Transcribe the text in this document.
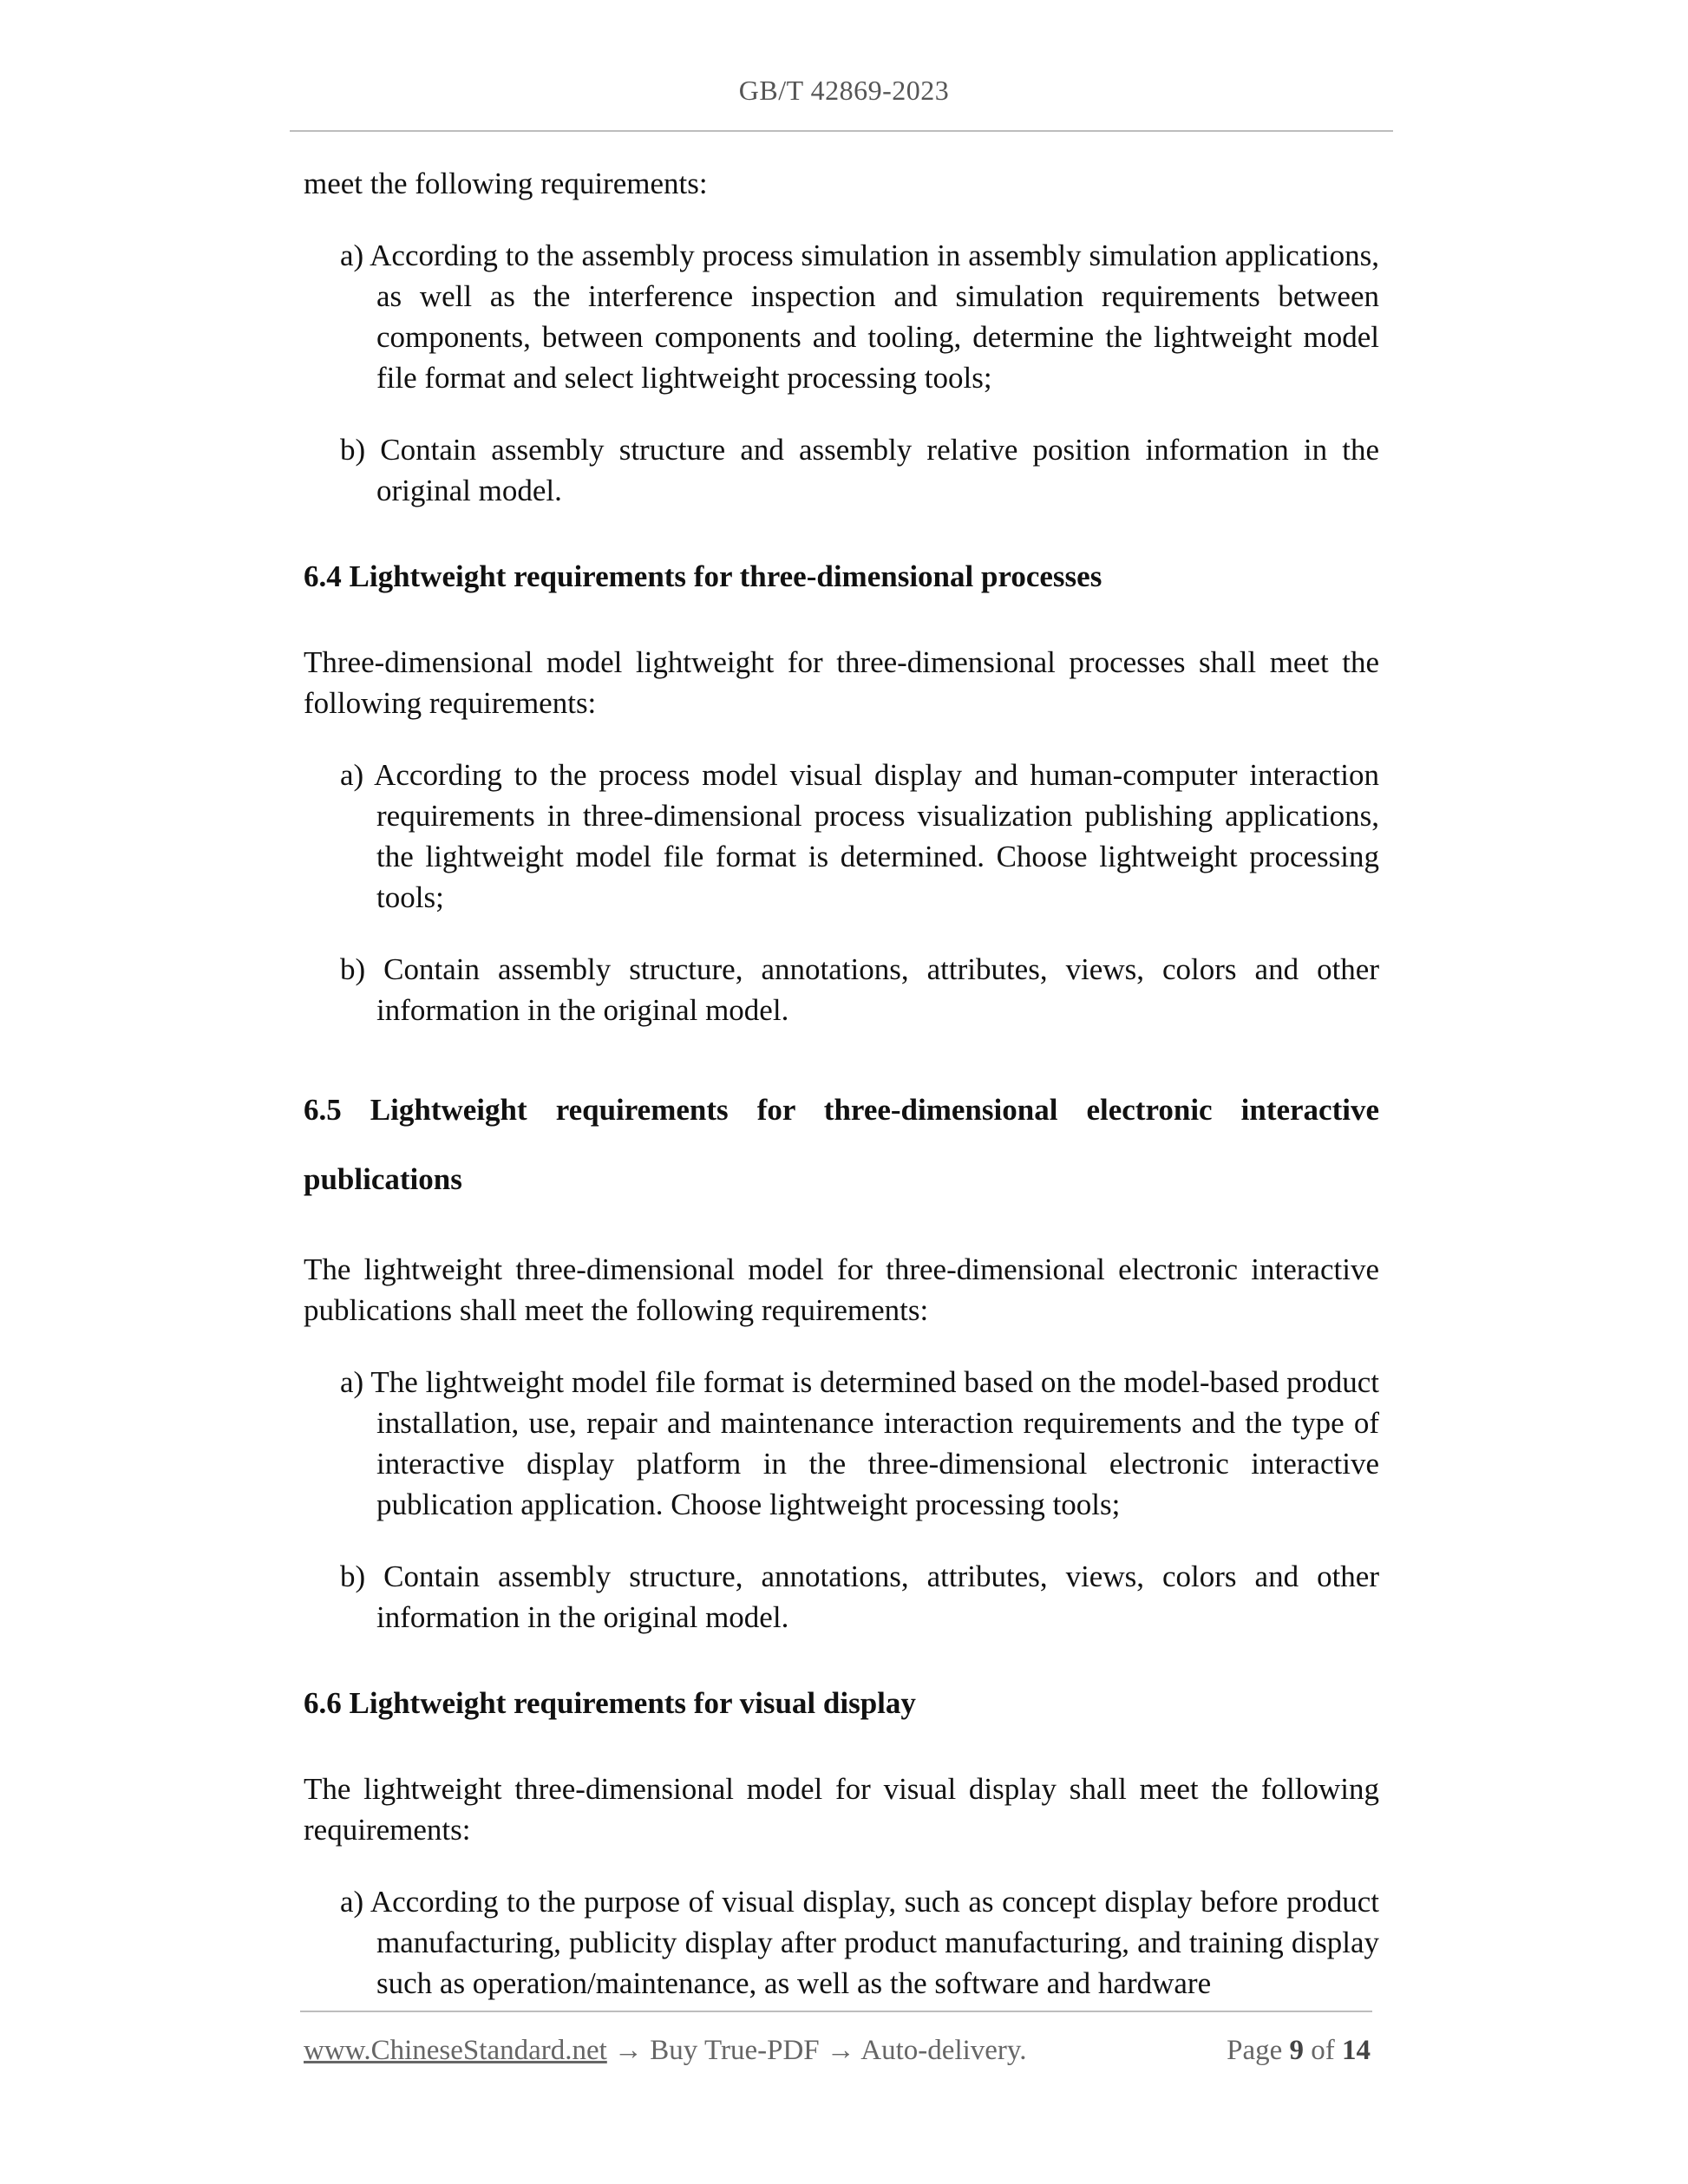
GB/T 42869-2023

meet the following requirements:

a) According to the assembly process simulation in assembly simulation applications, as well as the interference inspection and simulation requirements between components, between components and tooling, determine the lightweight model file format and select lightweight processing tools;

b) Contain assembly structure and assembly relative position information in the original model.

6.4 Lightweight requirements for three-dimensional processes

Three-dimensional model lightweight for three-dimensional processes shall meet the following requirements:

a) According to the process model visual display and human-computer interaction requirements in three-dimensional process visualization publishing applications, the lightweight model file format is determined. Choose lightweight processing tools;

b) Contain assembly structure, annotations, attributes, views, colors and other information in the original model.

6.5 Lightweight requirements for three-dimensional electronic interactive
publications

The lightweight three-dimensional model for three-dimensional electronic interactive publications shall meet the following requirements:

a) The lightweight model file format is determined based on the model-based product installation, use, repair and maintenance interaction requirements and the type of interactive display platform in the three-dimensional electronic interactive publication application. Choose lightweight processing tools;

b) Contain assembly structure, annotations, attributes, views, colors and other information in the original model.

6.6 Lightweight requirements for visual display

The lightweight three-dimensional model for visual display shall meet the following requirements:

a) According to the purpose of visual display, such as concept display before product manufacturing, publicity display after product manufacturing, and training display such as operation/maintenance, as well as the software and hardware

www.ChineseStandard.net → Buy True-PDF → Auto-delivery.	Page 9 of 14
